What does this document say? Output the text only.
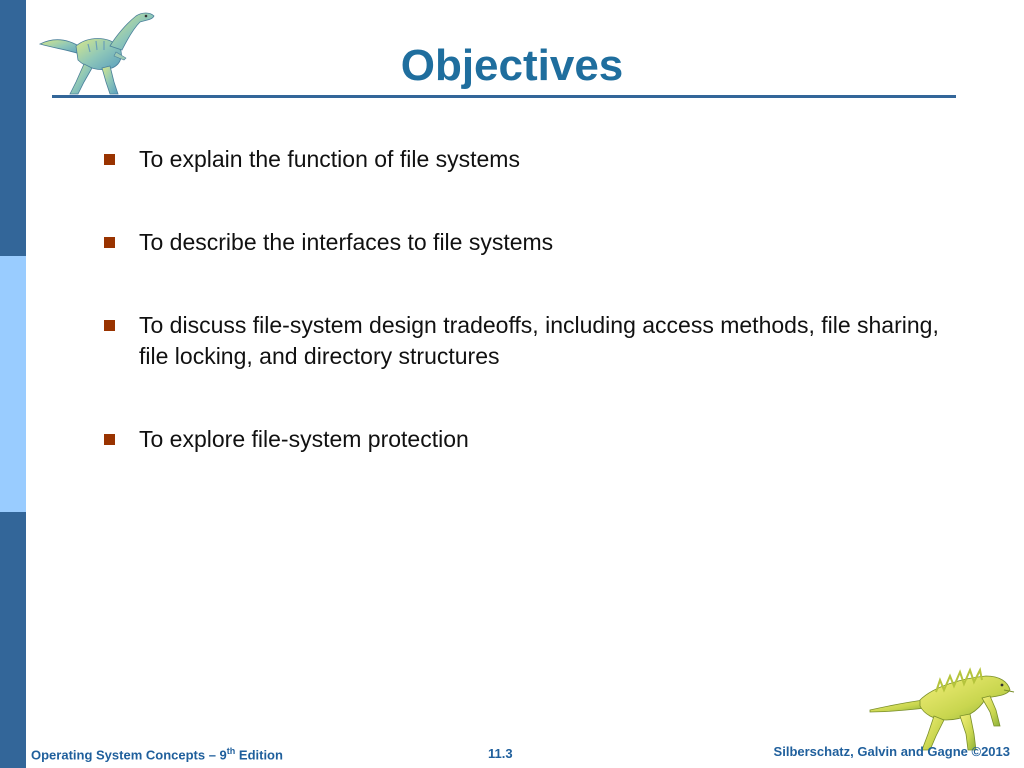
Objectives
To explain the function of file systems
To describe the interfaces to file systems
To discuss file-system design tradeoffs, including access methods, file sharing, file locking, and directory structures
To explore file-system protection
Operating System Concepts – 9th Edition	11.3	Silberschatz, Galvin and Gagne ©2013
